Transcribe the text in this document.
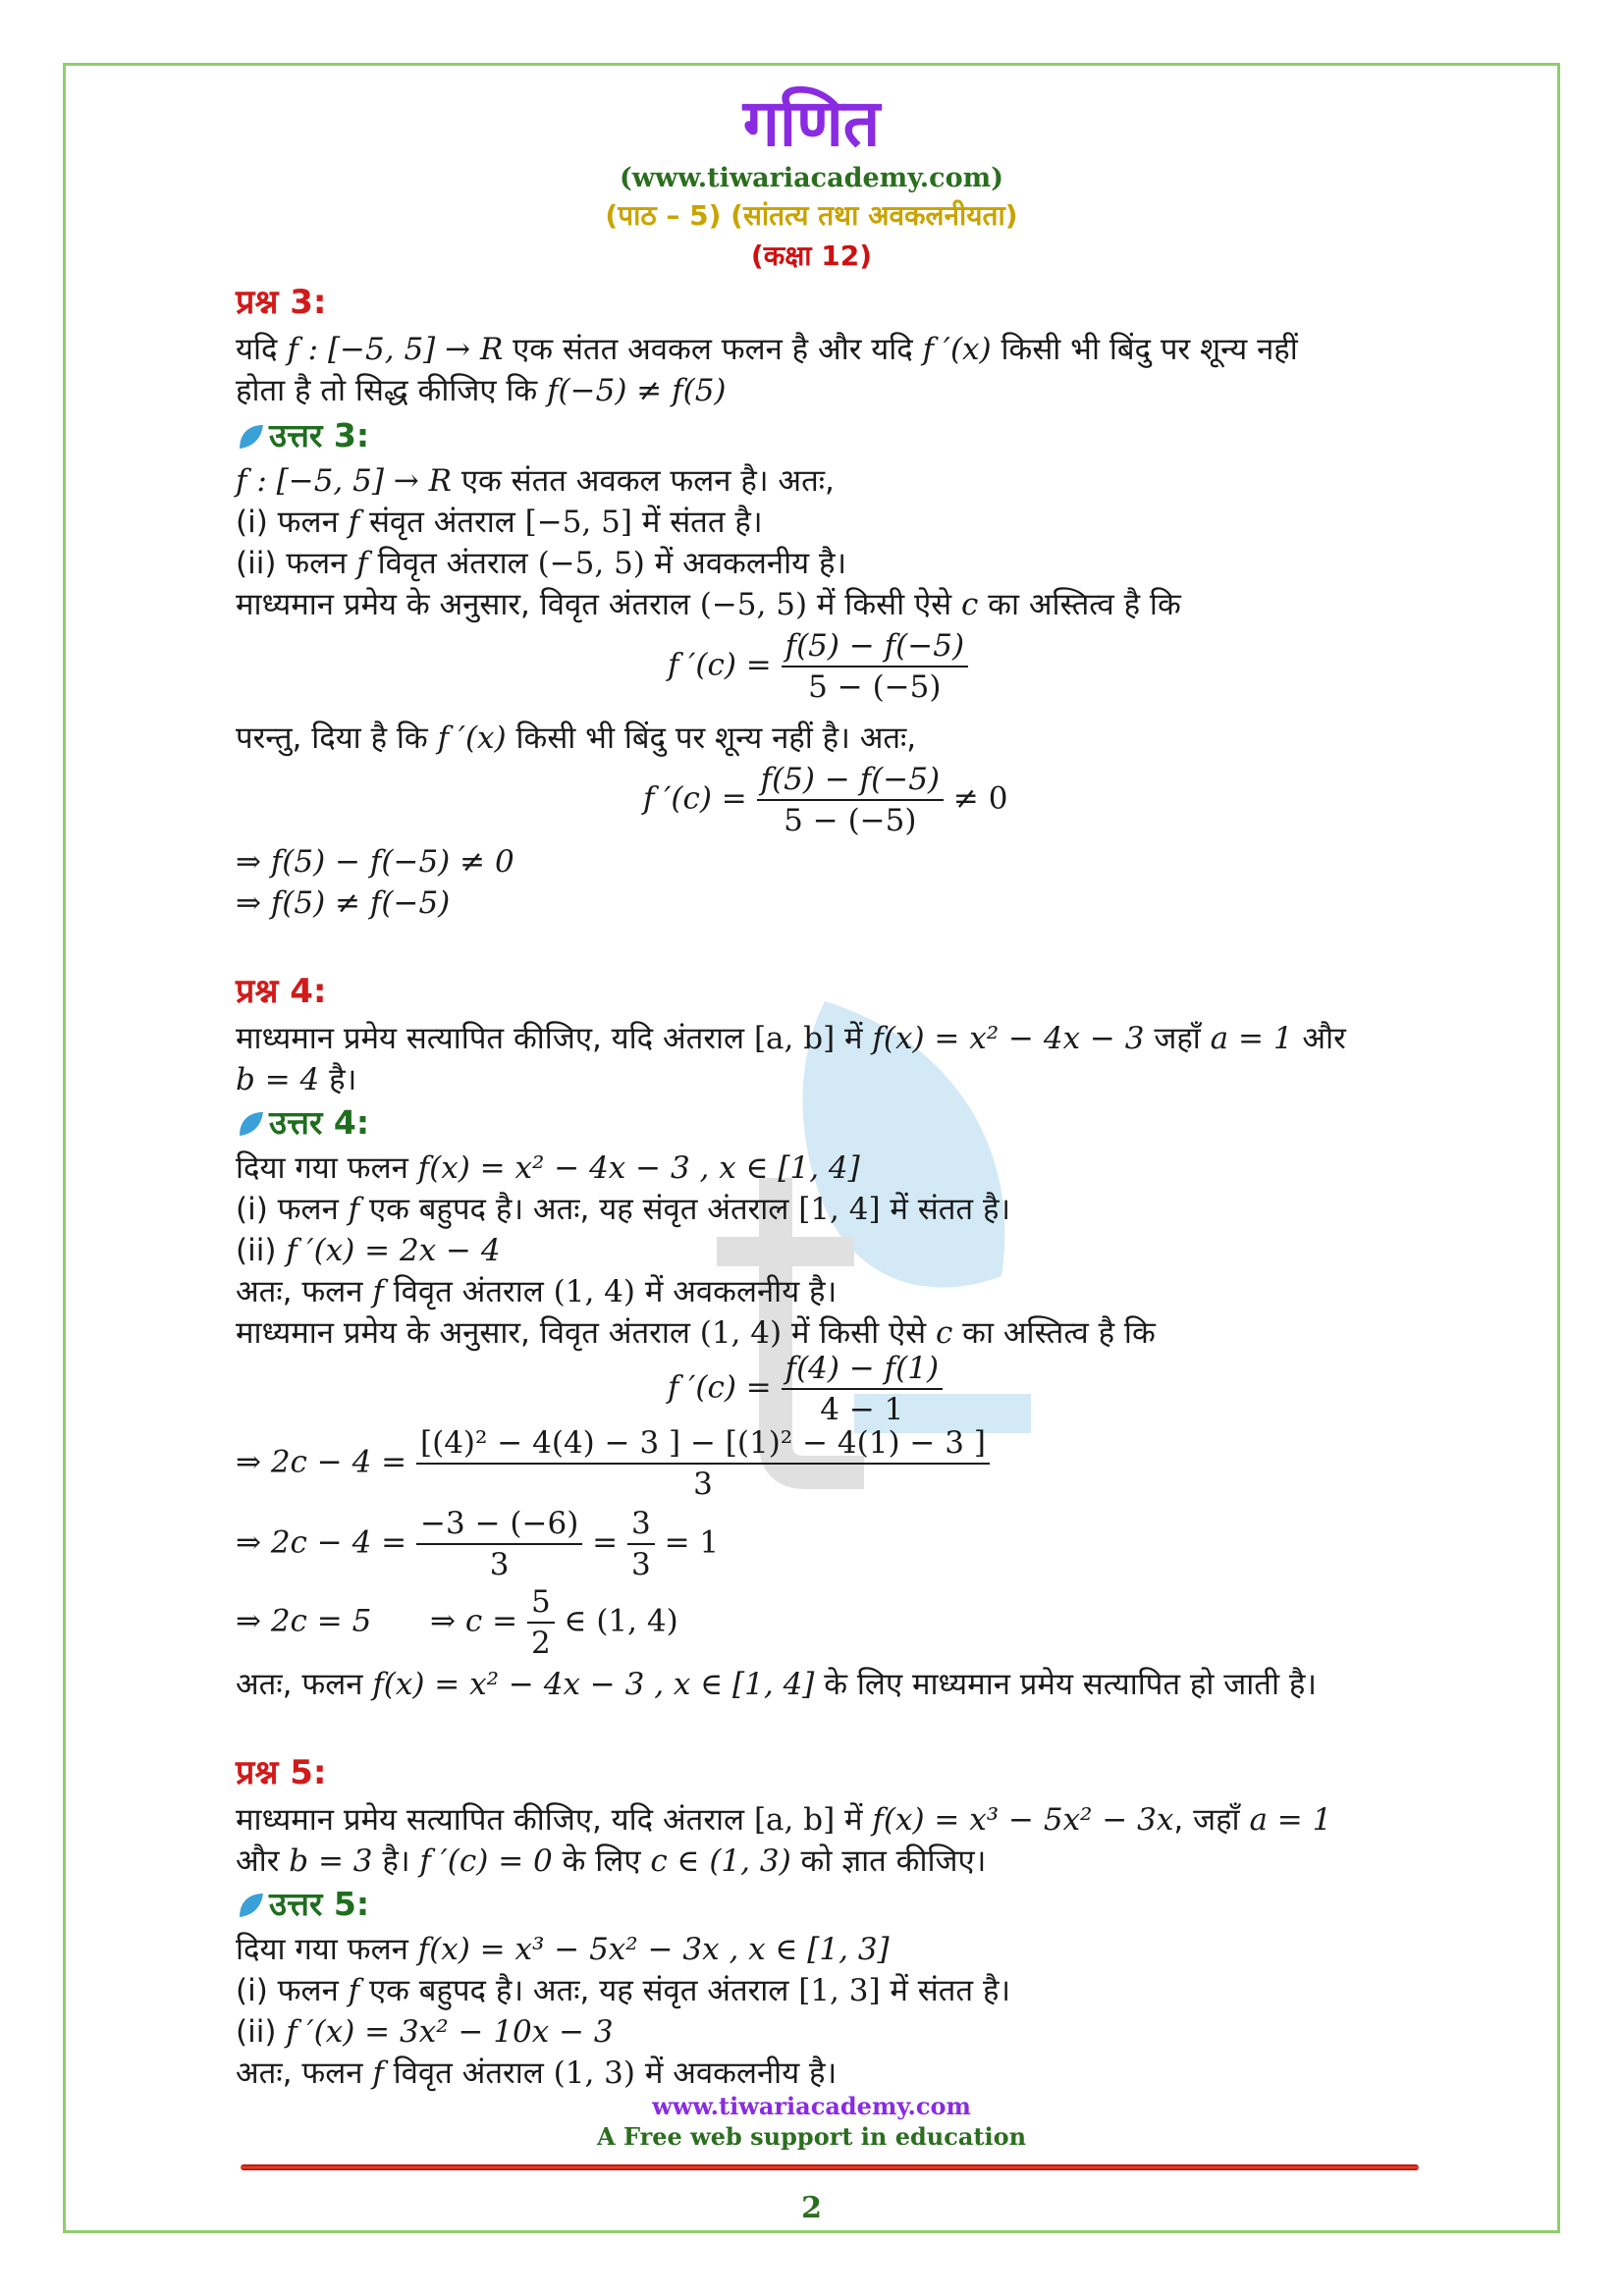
गणित
(www.tiwariacademy.com)
(पाठ – 5) (सांतत्य तथा अवकलनीयता)
(कक्षा 12)
प्रश्न 3:
यदि f : [−5, 5] → R एक संतत अवकल फलन है और यदि f ′(x) किसी भी बिंदु पर शून्य नहीं
होता है तो सिद्ध कीजिए कि f(−5) ≠ f(5)
उत्तर 3:
f : [−5, 5] → R एक संतत अवकल फलन है। अतः,
(i) फलन f संवृत अंतराल [−5, 5] में संतत है।
(ii) फलन f विवृत अंतराल (−5, 5) में अवकलनीय है।
माध्यमान प्रमेय के अनुसार, विवृत अंतराल (−5, 5) में किसी ऐसे c का अस्तित्व है कि
f $'(c) = \frac{f(5) - f(-5)}{5 - (-5)}$
परन्तु, दिया है कि f ′(x) किसी भी बिंदु पर शून्य नहीं है। अतः,
f $'(c) = \frac{f(5) - f(-5)}{5 - (-5)} \ne 0$
⇒ f(5) − f(−5) ≠ 0
⇒ f(5) ≠ f(−5)
प्रश्न 4:
माध्यमान प्रमेय सत्यापित कीजिए, यदि अंतराल [a, b] में f(x) = x² − 4x − 3 जहाँ a = 1 और
b = 4 है।
उत्तर 4:
दिया गया फलन f(x) = x² − 4x − 3 , x ∈ [1, 4]
(i) फलन f एक बहुपद है। अतः, यह संवृत अंतराल [1, 4] में संतत है।
(ii) f ′(x) = 2x − 4
अतः, फलन f विवृत अंतराल (1, 4) में अवकलनीय है।
माध्यमान प्रमेय के अनुसार, विवृत अंतराल (1, 4) में किसी ऐसे c का अस्तित्व है कि
f $'(c) = \frac{f(4) - f(1)}{4 - 1}$
⇒ $2c - 4 = \frac{\text{[(4)² − 4(4) − 3 ] − [(1)² − 4(1) − 3 ]}}{3}$
⇒ $2c - 4 = \frac{-3 - (-6)}{3} = \frac{3}{3} = 1$
⇒ 2c = 5 ⇒ $c = \frac{5}{2}$ ∈ (1, 4)
अतः, फलन f(x) = x² − 4x − 3 , x ∈ [1, 4] के लिए माध्यमान प्रमेय सत्यापित हो जाती है।
प्रश्न 5:
माध्यमान प्रमेय सत्यापित कीजिए, यदि अंतराल [a, b] में f(x) = x³ − 5x² − 3x, जहाँ a = 1
और b = 3 है। f ′(c) = 0 के लिए c ∈ (1, 3) को ज्ञात कीजिए।
उत्तर 5:
दिया गया फलन f(x) = x³ − 5x² − 3x , x ∈ [1, 3]
(i) फलन f एक बहुपद है। अतः, यह संवृत अंतराल [1, 3] में संतत है।
(ii) f ′(x) = 3x² − 10x − 3
अतः, फलन f विवृत अंतराल (1, 3) में अवकलनीय है।
www.tiwariacademy.com
A Free web support in education
2
